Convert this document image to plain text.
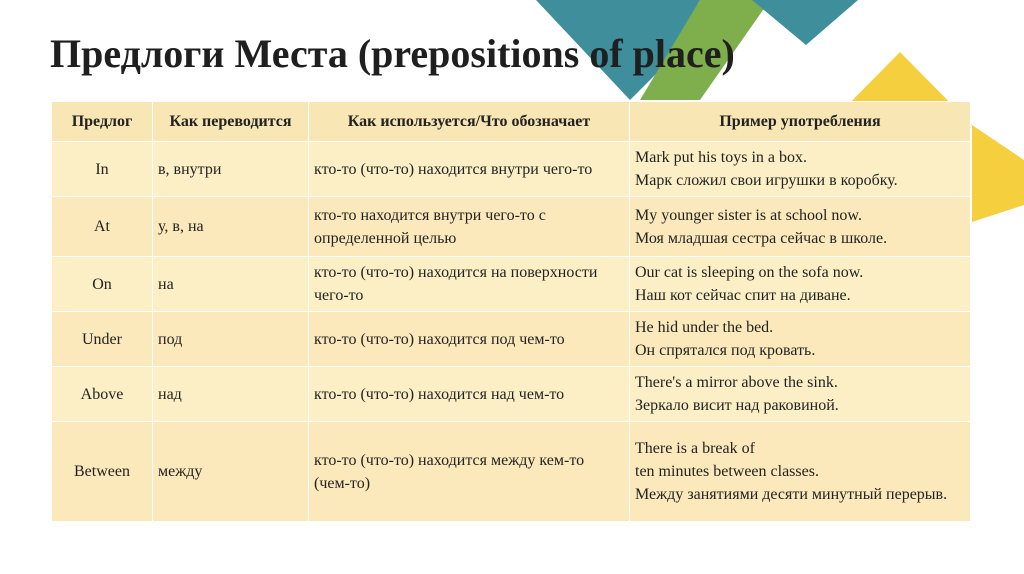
Предлоги Места (prepositions of place)
Предлог	Как переводится	Как используется/Что обозначает	Пример употребления
In	в, внутри	кто-то (что-то) находится внутри чего-то	Mark put his toys in a box.
Марк сложил свои игрушки в коробку.

At	у, в, на	кто-то находится внутри чего-то с определенной целью	My younger sister is at school now.
Моя младшая сестра сейчас в школе.

On	на	кто-то (что-то) находится на поверхности чего-то	Our cat is sleeping on the sofa now.
Наш кот сейчас спит на диване.

Under	под	кто-то (что-то) находится под чем-то	He hid under the bed.
Он спрятался под кровать.

Above	над	кто-то (что-то) находится над чем-то	There's a mirror above the sink.
Зеркало висит над раковиной.

Between	между	кто-то (что-то) находится между кем-то (чем-то)	There is a break of
ten minutes between classes.
Между занятиями десяти минутный перерыв.
